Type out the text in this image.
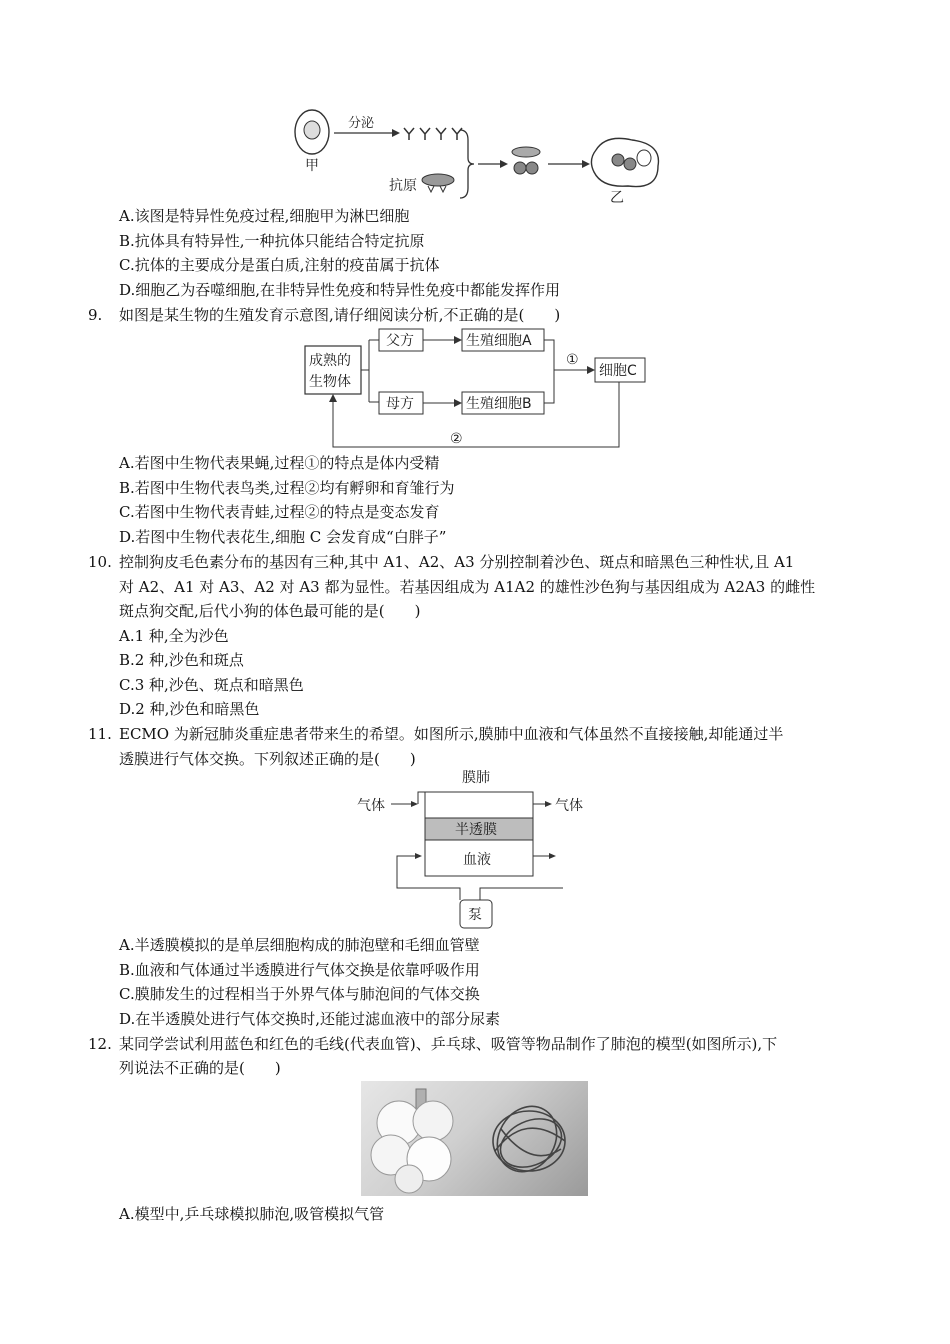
甲
分泌
抗原
乙
A.该图是特异性免疫过程,细胞甲为淋巴细胞
B.抗体具有特异性,一种抗体只能结合特定抗原
C.抗体的主要成分是蛋白质,注射的疫苗属于抗体
D.细胞乙为吞噬细胞,在非特异性免疫和特异性免疫中都能发挥作用
9. 如图是某生物的生殖发育示意图,请仔细阅读分析,不正确的是(　　)
成熟的
生物体
父方
母方
生殖细胞A
生殖细胞B
①
细胞C
②
A.若图中生物代表果蝇,过程①的特点是体内受精
B.若图中生物代表鸟类,过程②均有孵卵和育雏行为
C.若图中生物代表青蛙,过程②的特点是变态发育
D.若图中生物代表花生,细胞 C 会发育成“白胖子”
10. 控制狗皮毛色素分布的基因有三种,其中 A1、A2、A3 分别控制着沙色、斑点和暗黑色三种性状,且 A1
对 A2、A1 对 A3、A2 对 A3 都为显性。若基因组成为 A1A2 的雄性沙色狗与基因组成为 A2A3 的雌性
斑点狗交配,后代小狗的体色最可能的是(　　)
A.1 种,全为沙色
B.2 种,沙色和斑点
C.3 种,沙色、斑点和暗黑色
D.2 种,沙色和暗黑色
11. ECMO 为新冠肺炎重症患者带来生的希望。如图所示,膜肺中血液和气体虽然不直接接触,却能通过半
透膜进行气体交换。下列叙述正确的是(　　)
膜肺
气体	气体
半透膜
血液
泵
A.半透膜模拟的是单层细胞构成的肺泡壁和毛细血管壁
B.血液和气体通过半透膜进行气体交换是依靠呼吸作用
C.膜肺发生的过程相当于外界气体与肺泡间的气体交换
D.在半透膜处进行气体交换时,还能过滤血液中的部分尿素
12. 某同学尝试利用蓝色和红色的毛线(代表血管)、乒乓球、吸管等物品制作了肺泡的模型(如图所示),下
列说法不正确的是(　　)
A.模型中,乒乓球模拟肺泡,吸管模拟气管
